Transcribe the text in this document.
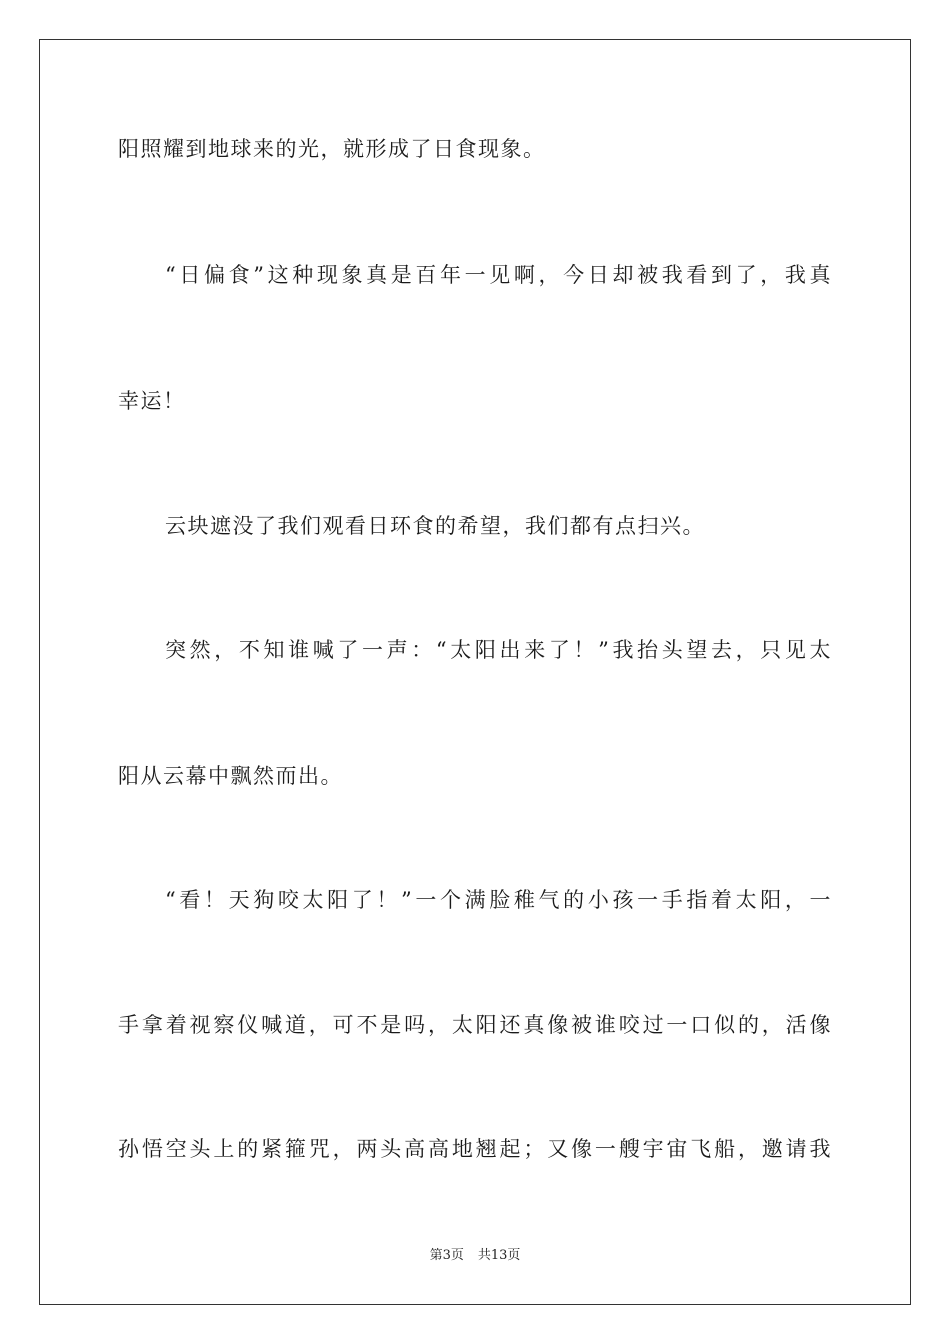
阳照耀到地球来的光，就形成了日食现象。
“日偏食”这种现象真是百年一见啊，今日却被我看到了，我真
幸运！
云块遮没了我们观看日环食的希望，我们都有点扫兴。
突然，不知谁喊了一声：“太阳出来了！”我抬头望去，只见太
阳从云幕中飘然而出。
“看！天狗咬太阳了！”一个满脸稚气的小孩一手指着太阳，一
手拿着视察仪喊道，可不是吗，太阳还真像被谁咬过一口似的，活像
孙悟空头上的紧箍咒，两头高高地翘起；又像一艘宇宙飞船，邀请我
第3页 共13页
